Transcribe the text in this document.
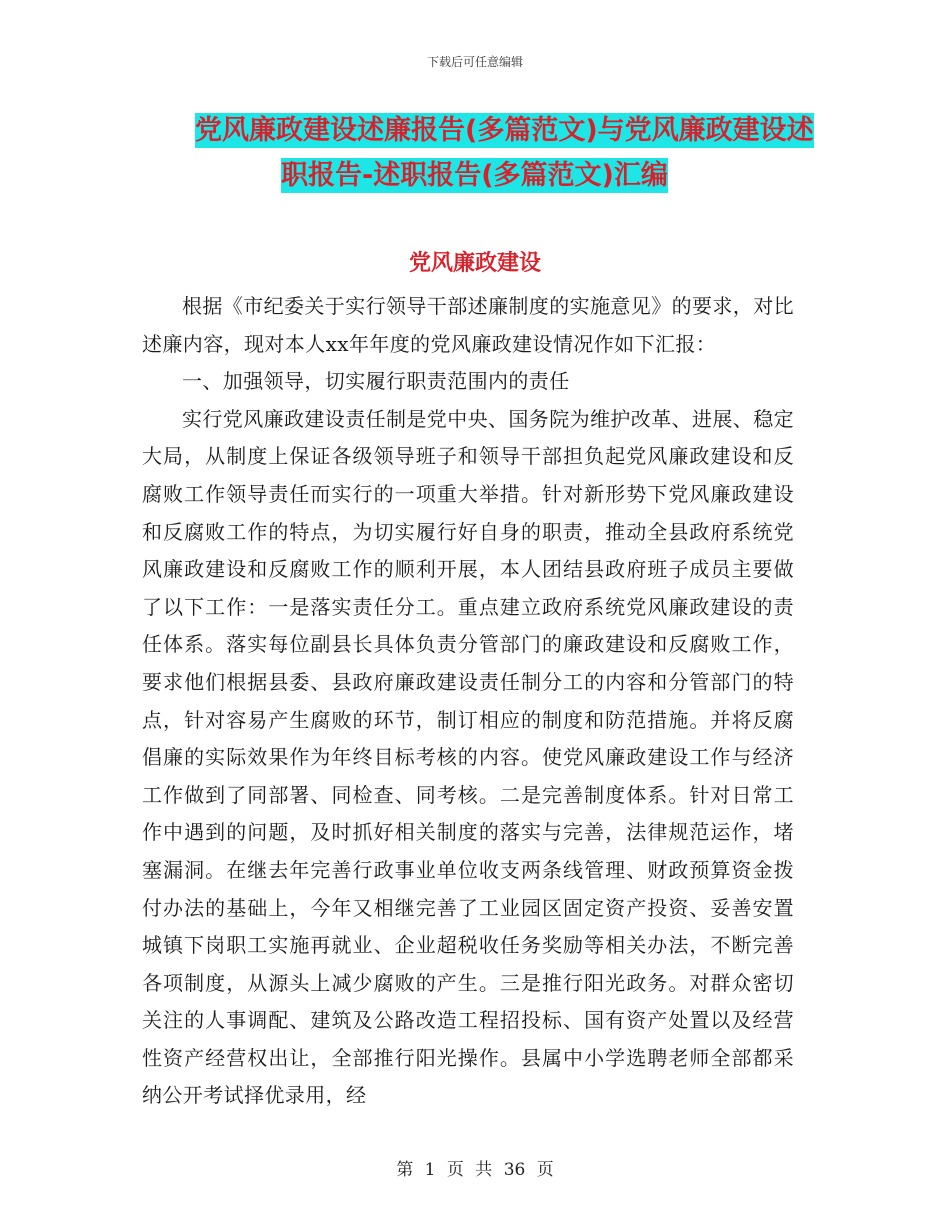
下载后可任意编辑
党风廉政建设述廉报告(多篇范文)与党风廉政建设述
职报告-述职报告(多篇范文)汇编
党风廉政建设

根据《市纪委关于实行领导干部述廉制度的实施意见》的要求，对比述廉内容，现对本人xx年年度的党风廉政建设情况作如下汇报：

一、加强领导，切实履行职责范围内的责任

实行党风廉政建设责任制是党中央、国务院为维护改革、进展、稳定大局，从制度上保证各级领导班子和领导干部担负起党风廉政建设和反腐败工作领导责任而实行的一项重大举措。针对新形势下党风廉政建设和反腐败工作的特点，为切实履行好自身的职责，推动全县政府系统党风廉政建设和反腐败工作的顺利开展，本人团结县政府班子成员主要做了以下工作：一是落实责任分工。重点建立政府系统党风廉政建设的责任体系。落实每位副县长具体负责分管部门的廉政建设和反腐败工作，要求他们根据县委、县政府廉政建设责任制分工的内容和分管部门的特点，针对容易产生腐败的环节，制订相应的制度和防范措施。并将反腐倡廉的实际效果作为年终目标考核的内容。使党风廉政建设工作与经济工作做到了同部署、同检查、同考核。二是完善制度体系。针对日常工作中遇到的问题，及时抓好相关制度的落实与完善，法律规范运作，堵塞漏洞。在继去年完善行政事业单位收支两条线管理、财政预算资金拨付办法的基础上，今年又相继完善了工业园区固定资产投资、妥善安置城镇下岗职工实施再就业、企业超税收任务奖励等相关办法，不断完善各项制度，从源头上减少腐败的产生。三是推行阳光政务。对群众密切关注的人事调配、建筑及公路改造工程招投标、国有资产处置以及经营性资产经营权出让，全部推行阳光操作。县属中小学选聘老师全部都采纳公开考试择优录用，经

第 1 页 共 36 页
